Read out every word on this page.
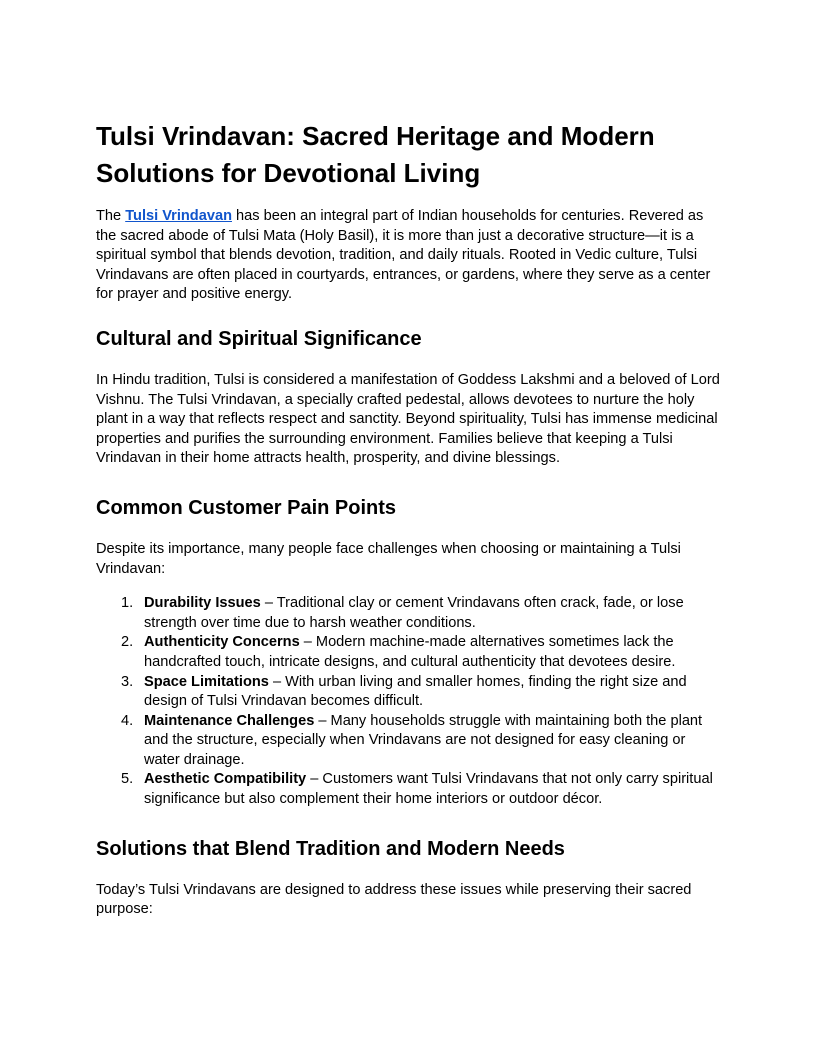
Tulsi Vrindavan: Sacred Heritage and Modern Solutions for Devotional Living

The Tulsi Vrindavan has been an integral part of Indian households for centuries. Revered as the sacred abode of Tulsi Mata (Holy Basil), it is more than just a decorative structure—it is a spiritual symbol that blends devotion, tradition, and daily rituals. Rooted in Vedic culture, Tulsi Vrindavans are often placed in courtyards, entrances, or gardens, where they serve as a center for prayer and positive energy.

Cultural and Spiritual Significance

In Hindu tradition, Tulsi is considered a manifestation of Goddess Lakshmi and a beloved of Lord Vishnu. The Tulsi Vrindavan, a specially crafted pedestal, allows devotees to nurture the holy plant in a way that reflects respect and sanctity. Beyond spirituality, Tulsi has immense medicinal properties and purifies the surrounding environment. Families believe that keeping a Tulsi Vrindavan in their home attracts health, prosperity, and divine blessings.

Common Customer Pain Points

Despite its importance, many people face challenges when choosing or maintaining a Tulsi Vrindavan:

1. Durability Issues – Traditional clay or cement Vrindavans often crack, fade, or lose strength over time due to harsh weather conditions.
2. Authenticity Concerns – Modern machine-made alternatives sometimes lack the handcrafted touch, intricate designs, and cultural authenticity that devotees desire.
3. Space Limitations – With urban living and smaller homes, finding the right size and design of Tulsi Vrindavan becomes difficult.
4. Maintenance Challenges – Many households struggle with maintaining both the plant and the structure, especially when Vrindavans are not designed for easy cleaning or water drainage.
5. Aesthetic Compatibility – Customers want Tulsi Vrindavans that not only carry spiritual significance but also complement their home interiors or outdoor décor.
Solutions that Blend Tradition and Modern Needs

Today’s Tulsi Vrindavans are designed to address these issues while preserving their sacred purpose:
